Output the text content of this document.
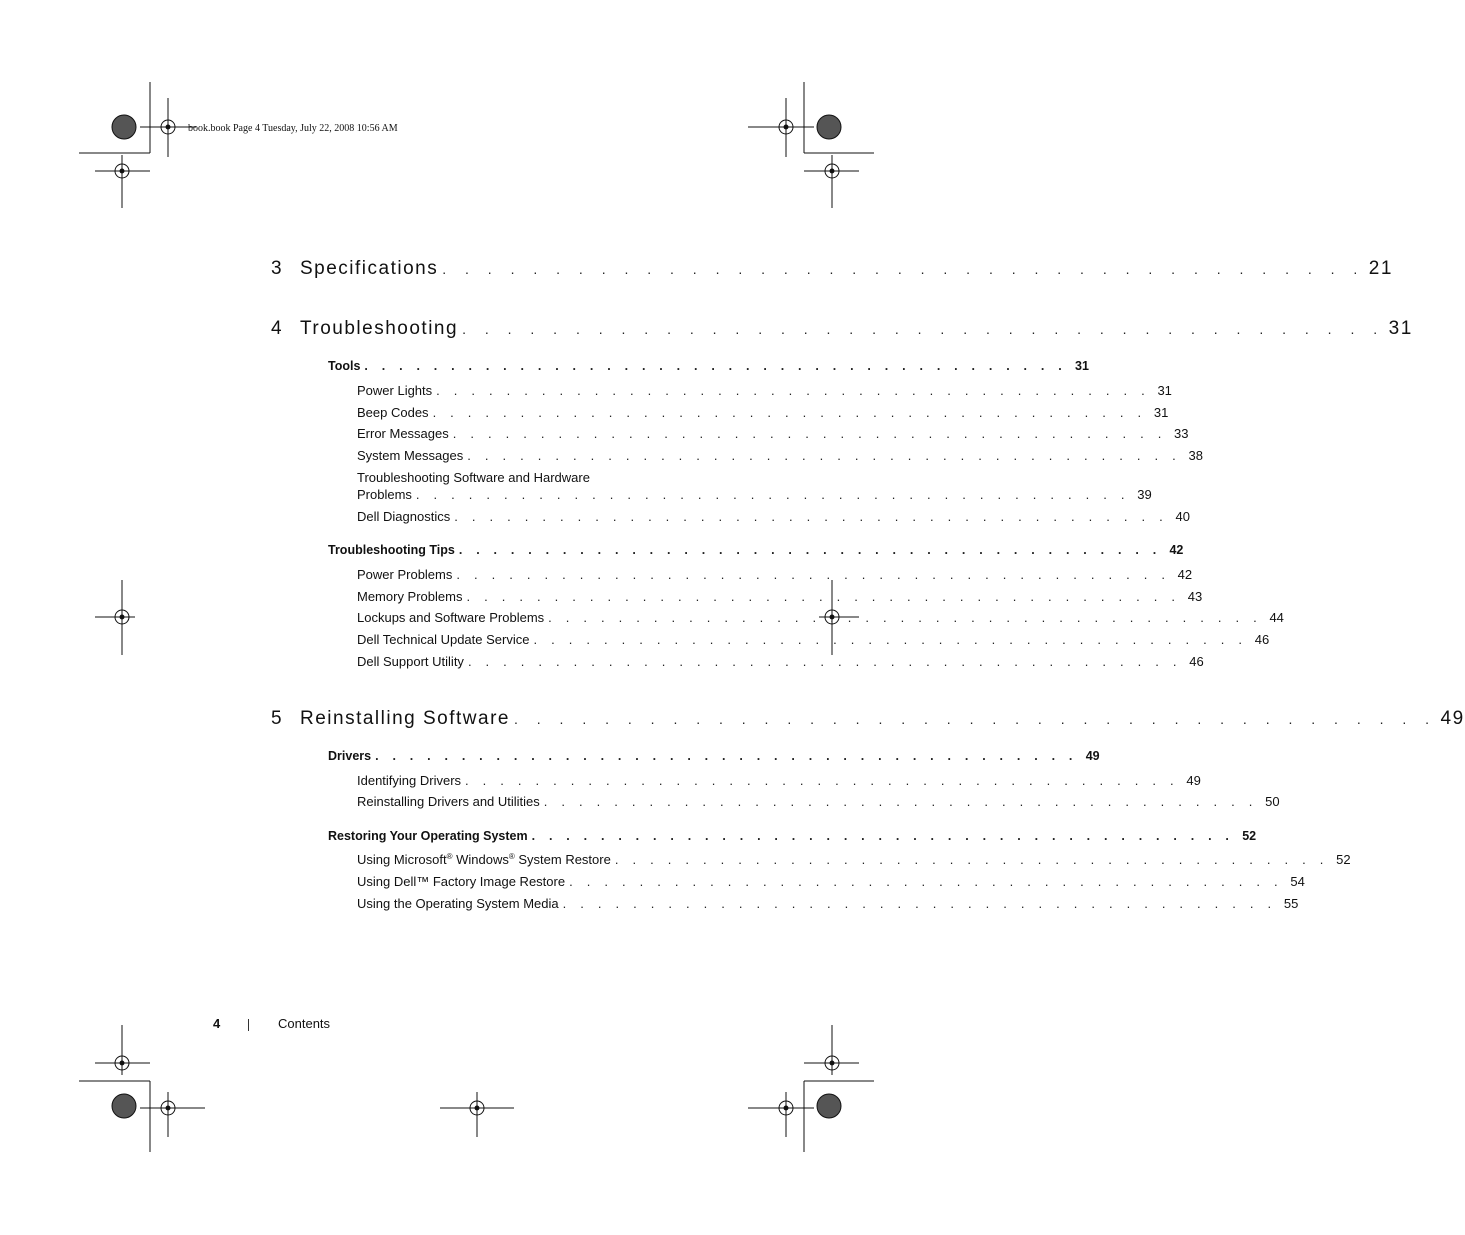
book.book Page 4 Tuesday, July 22, 2008 10:56 AM
3 Specifications . . . . . . . . . . . . . . . . . . . . . . . . . . . . . . . . . . . . . . . . . 21
4 Troubleshooting . . . . . . . . . . . . . . . . . . . . . . . . . . . . . . . . . . . . . . . . . 31
Tools . . . . . . . . . . . . . . . . . . . . . . . . . . . . . . . . . . . . . . . . . 31
Power Lights . . . . . . . . . . . . . . . . . . . . . . . . . . . . . . . . . . . . . . . . . 31
Beep Codes . . . . . . . . . . . . . . . . . . . . . . . . . . . . . . . . . . . . . . . . . 31
Error Messages . . . . . . . . . . . . . . . . . . . . . . . . . . . . . . . . . . . . . . . . . 33
System Messages . . . . . . . . . . . . . . . . . . . . . . . . . . . . . . . . . . . . . . . . . 38
Troubleshooting Software and Hardware
Problems . . . . . . . . . . . . . . . . . . . . . . . . . . . . . . . . . . . . . . . . . 39
Dell Diagnostics . . . . . . . . . . . . . . . . . . . . . . . . . . . . . . . . . . . . . . . . . 40
Troubleshooting Tips . . . . . . . . . . . . . . . . . . . . . . . . . . . . . . . . . . . . . . . . . 42
Power Problems . . . . . . . . . . . . . . . . . . . . . . . . . . . . . . . . . . . . . . . . . 42
Memory Problems . . . . . . . . . . . . . . . . . . . . . . . . . . . . . . . . . . . . . . . . . 43
Lockups and Software Problems . . . . . . . . . . . . . . . . . . . . . . . . . . . . . . . . . . . . . . . . . 44
Dell Technical Update Service . . . . . . . . . . . . . . . . . . . . . . . . . . . . . . . . . . . . . . . . . 46
Dell Support Utility . . . . . . . . . . . . . . . . . . . . . . . . . . . . . . . . . . . . . . . . . 46
5 Reinstalling Software . . . . . . . . . . . . . . . . . . . . . . . . . . . . . . . . . . . . . . . . . 49
Drivers . . . . . . . . . . . . . . . . . . . . . . . . . . . . . . . . . . . . . . . . . 49
Identifying Drivers . . . . . . . . . . . . . . . . . . . . . . . . . . . . . . . . . . . . . . . . . 49
Reinstalling Drivers and Utilities . . . . . . . . . . . . . . . . . . . . . . . . . . . . . . . . . . . . . . . . . 50
Restoring Your Operating System . . . . . . . . . . . . . . . . . . . . . . . . . . . . . . . . . . . . . . . . . 52
Using Microsoft® Windows® System Restore . . . . . . . . . . . . . . . . . . . . . . . . . . . . . . . . . . . . . . . . . 52
Using Dell™ Factory Image Restore . . . . . . . . . . . . . . . . . . . . . . . . . . . . . . . . . . . . . . . . . 54
Using the Operating System Media . . . . . . . . . . . . . . . . . . . . . . . . . . . . . . . . . . . . . . . . . 55
4	Contents
